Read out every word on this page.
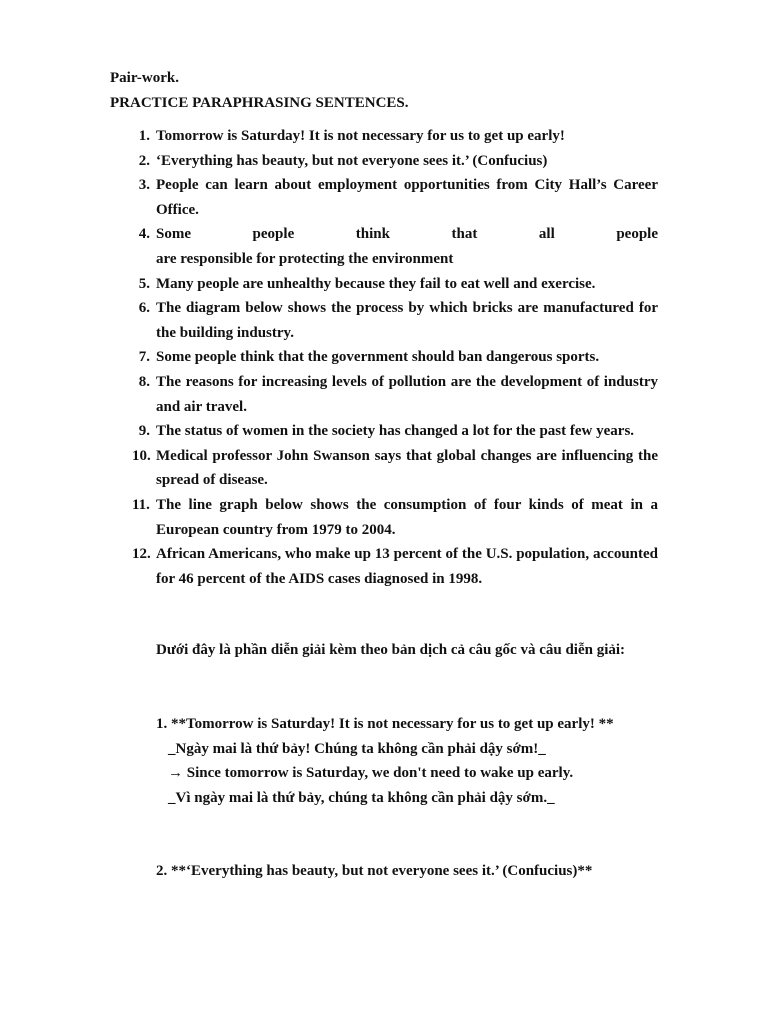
Pair-work.
PRACTICE PARAPHRASING SENTENCES.
1. Tomorrow is Saturday! It is not necessary for us to get up early!
2. ‘Everything has beauty, but not everyone sees it.’ (Confucius)
3. People can learn about employment opportunities from City Hall’s Career Office.
4. Some people think that all people
are responsible for protecting the environment
5. Many people are unhealthy because they fail to eat well and exercise.
6. The diagram below shows the process by which bricks are manufactured for the building industry.
7. Some people think that the government should ban dangerous sports.
8. The reasons for increasing levels of pollution are the development of industry and air travel.
9. The status of women in the society has changed a lot for the past few years.
10. Medical professor John Swanson says that global changes are influencing the spread of disease.
11. The line graph below shows the consumption of four kinds of meat in a European country from 1979 to 2004.
12. African Americans, who make up 13 percent of the U.S. population, accounted for 46 percent of the AIDS cases diagnosed in 1998.
Dưới đây là phần diễn giải kèm theo bản dịch cả câu gốc và câu diễn giải:
1. **Tomorrow is Saturday! It is not necessary for us to get up early! **
_Ngày mai là thứ bảy! Chúng ta không cần phải dậy sớm!_
→ Since tomorrow is Saturday, we don't need to wake up early.
_Vì ngày mai là thứ bảy, chúng ta không cần phải dậy sớm._
2. **‘Everything has beauty, but not everyone sees it.’ (Confucius)**
